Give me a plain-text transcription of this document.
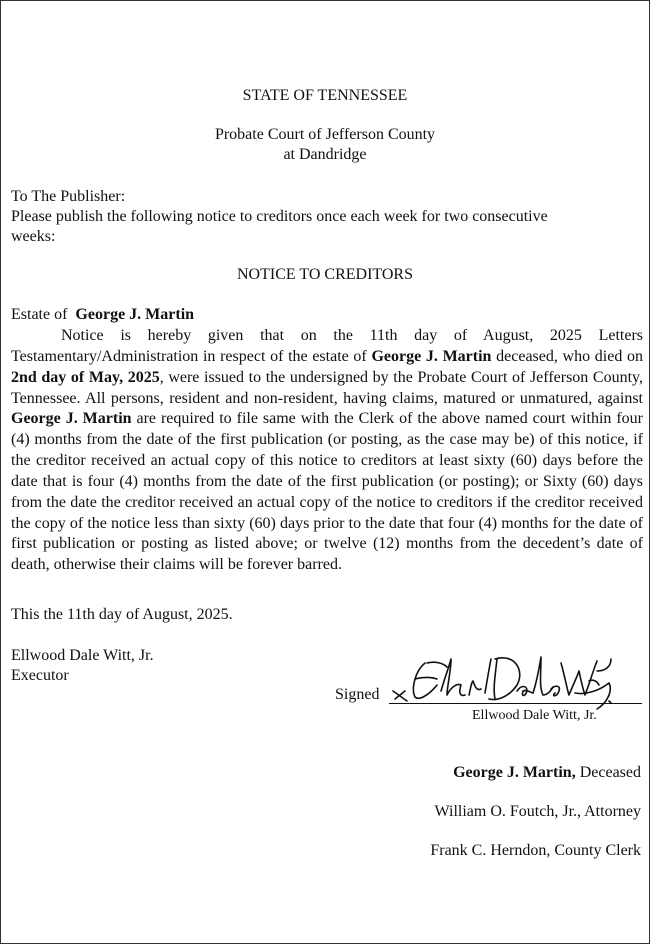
STATE OF TENNESSEE
Probate Court of Jefferson County
at Dandridge
To The Publisher:
Please publish the following notice to creditors once each week for two consecutive
weeks:
NOTICE TO CREDITORS
Estate of George J. Martin
Notice is hereby given that on the 11th day of August, 2025 Letters Testamentary/Administration in respect of the estate of George J. Martin deceased, who died on 2nd day of May, 2025, were issued to the undersigned by the Probate Court of Jefferson County, Tennessee. All persons, resident and non-resident, having claims, matured or unmatured, against George J. Martin are required to file same with the Clerk of the above named court within four (4) months from the date of the first publication (or posting, as the case may be) of this notice, if the creditor received an actual copy of this notice to creditors at least sixty (60) days before the date that is four (4) months from the date of the first publication (or posting); or Sixty (60) days from the date the creditor received an actual copy of the notice to creditors if the creditor received the copy of the notice less than sixty (60) days prior to the date that four (4) months for the date of first publication or posting as listed above; or twelve (12) months from the decedent’s date of death, otherwise their claims will be forever barred.
This the 11th day of August, 2025.
Ellwood Dale Witt, Jr.
Executor
Signed
Ellwood Dale Witt, Jr.
George J. Martin, Deceased
William O. Foutch, Jr., Attorney
Frank C. Herndon, County Clerk
